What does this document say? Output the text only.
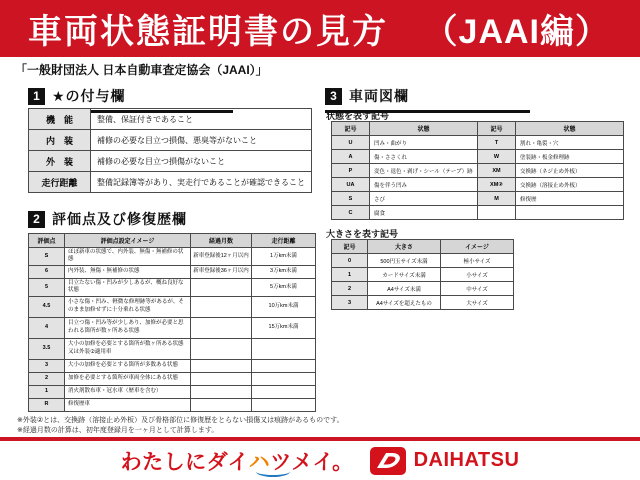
車両状態証明書の見方 （JAAI編）
「一般財団法人 日本自動車査定協会（JAAI）」
1 ★の付与欄
機　能	整備、保証付きであること
内　装	補修の必要な目立つ損傷、悪臭等がないこと
外　装	補修の必要な目立つ損傷がないこと
走行距離	整備記録簿等があり、実走行であることが確認できること
2 評価点及び修復歴欄
評価点	評価点設定イメージ	経過月数	走行距離
S	ほぼ新車の状態で、内外装、無傷・無補修の状態	新車登録後12ヶ月以内	1万km未満
6	内外装、無傷・無補修の状態	新車登録後36ヶ月以内	3万km未満
5	目立たない傷・凹みが少しあるが、概ね良好な状態		5万km未満
4.5	小さな傷・凹み、軽微な修理跡等があるが、そのまま加修せずに十分乗れる状態		10万km未満
4	目立つ傷・凹み等が少しあり、加修が必要と思われる箇所が数ヶ所ある状態		15万km未満
3.5	大小の加修を必要とする箇所が数ヶ所ある状態又は外装②適用車		
3	大小の加修を必要とする箇所が多数ある状態		
2	加修を必要とする箇所が車両全体にある状態		
1	消火剤散布車・冠水車（歴車を含む）		
R	修復歴車		
3 車両図欄
状態を表す記号
記号	状態	記号	状態
U	凹み・曲がり	T	割れ・亀裂・穴
A	傷・ささくれ	W	塗装跡・板金修理跡
P	変色・退色・剥げ・シール（テープ）跡	XM	交換跡（ネジ止め外板）
UA	傷を伴う凹み	XM②	交換跡（溶接止め外板）
S	さび	M	修復歴
C	腐食		
大きさを表す記号
記号	大きさ	イメージ
0	500円玉サイズ未満	極小サイズ
1	カードサイズ未満	小サイズ
2	A4サイズ未満	中サイズ
3	A4サイズを超えたもの	大サイズ
※外装②とは、交換跡（溶接止め外板）及び骨格部位に修復歴をとらない損傷又は痕跡があるものです。
※経過月数の計算は、初年度登録月を一ヶ月として計算します。
わたしにダイハツメイ。	DAIHATSU
